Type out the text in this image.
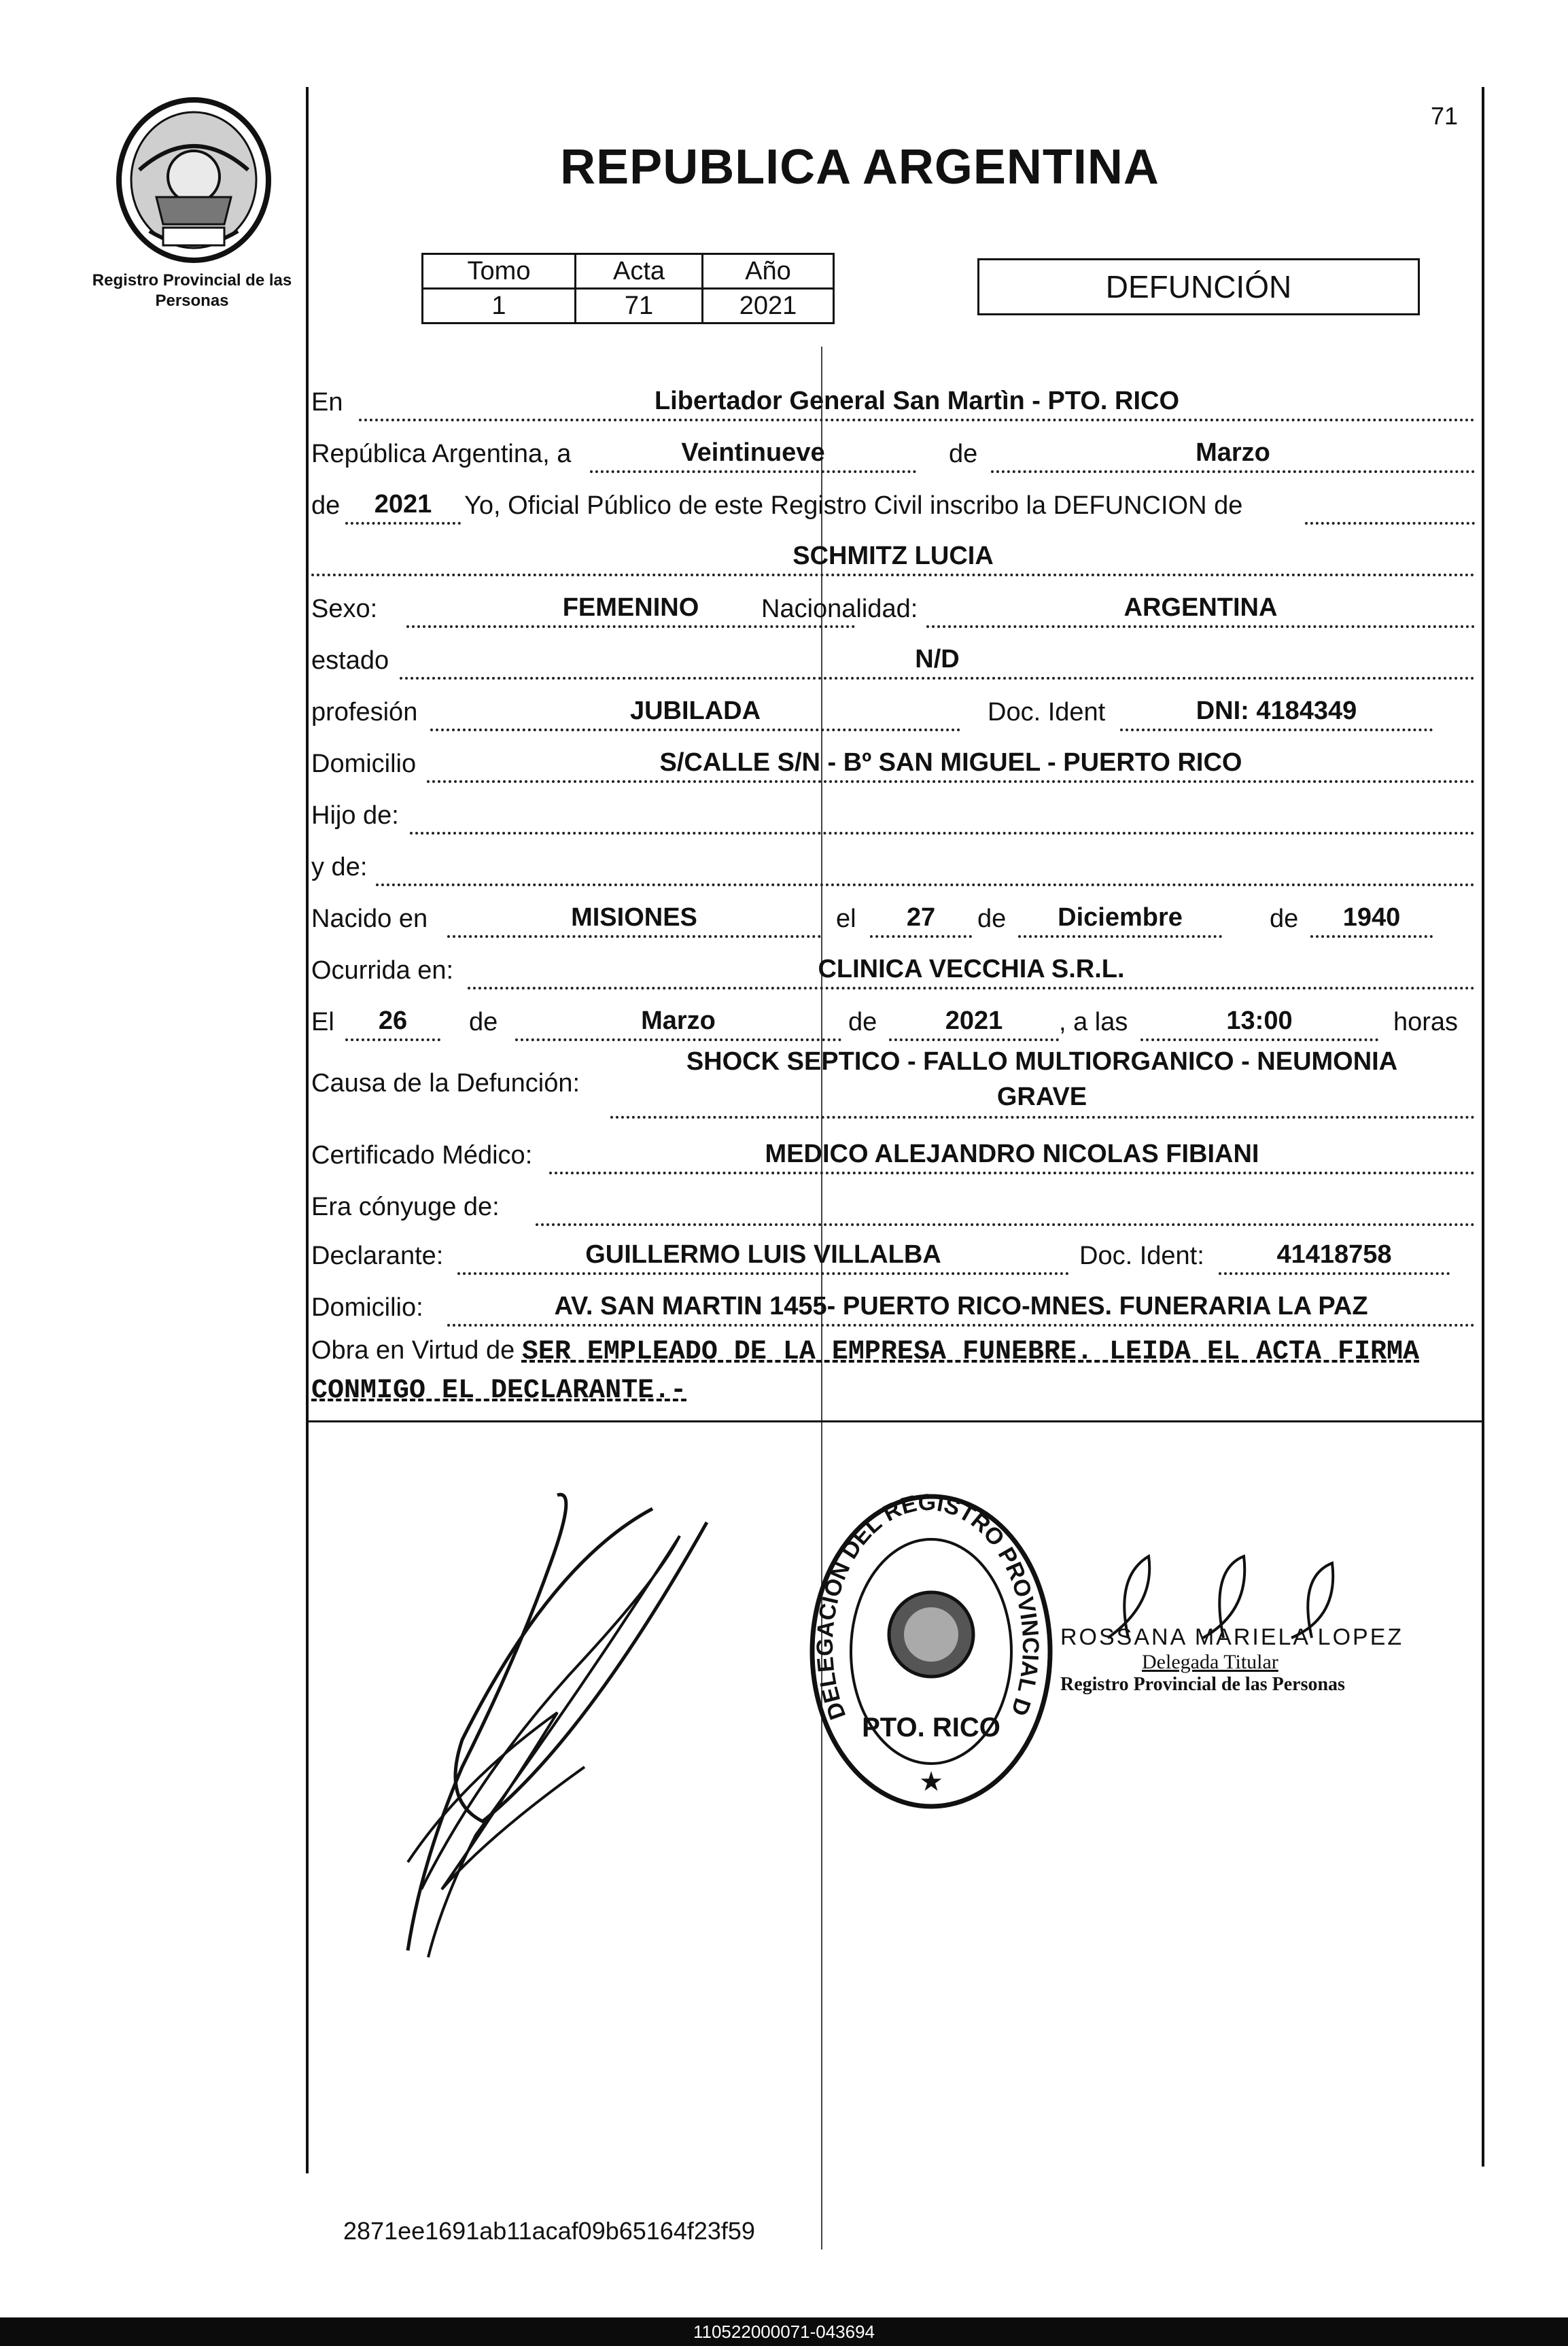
Registro Provincial de las Personas
71
REPUBLICA ARGENTINA
Tomo	Acta	Año
1	71	2021
DEFUNCIÓN
En	Libertador General San Martìn - PTO. RICO
República Argentina, a	Veintinueve	de	Marzo
de 2021 Yo, Oficial Público de este Registro Civil inscribo la DEFUNCION de
SCHMITZ LUCIA
Sexo:	FEMENINO Nacionalidad:	ARGENTINA
estado	N/D
profesión	JUBILADA	Doc. Ident	DNI: 4184349
Domicilio	S/CALLE S/N - Bº SAN MIGUEL - PUERTO RICO
Hijo de:
y de:
Nacido en	MISIONES	el 27 de Diciembre	de 1940
Ocurrida en:	CLINICA VECCHIA S.R.L.
El 26 de	Marzo	de	2021 , a las	13:00	horas
Causa de la Defunción:
SHOCK SEPTICO - FALLO MULTIORGANICO - NEUMONIA
GRAVE
Certificado Médico:	MEDICO ALEJANDRO NICOLAS FIBIANI
Era cónyuge de:
Declarante:	GUILLERMO LUIS VILLALBA	Doc. Ident:	41418758
Domicilio:	AV. SAN MARTIN 1455- PUERTO RICO-MNES. FUNERARIA LA PAZ
Obra en Virtud de SER EMPLEADO DE LA EMPRESA FUNEBRE. LEIDA EL ACTA FIRMA
CONMIGO EL DECLARANTE.-
DELEGACION DEL REGISTRO PROVINCIAL D
PTO. RICO
★
ROSSANA MARIELA LOPEZ
Delegada Titular
Registro Provincial de las Personas
2871ee1691ab11acaf09b65164f23f59
110522000071-043694
